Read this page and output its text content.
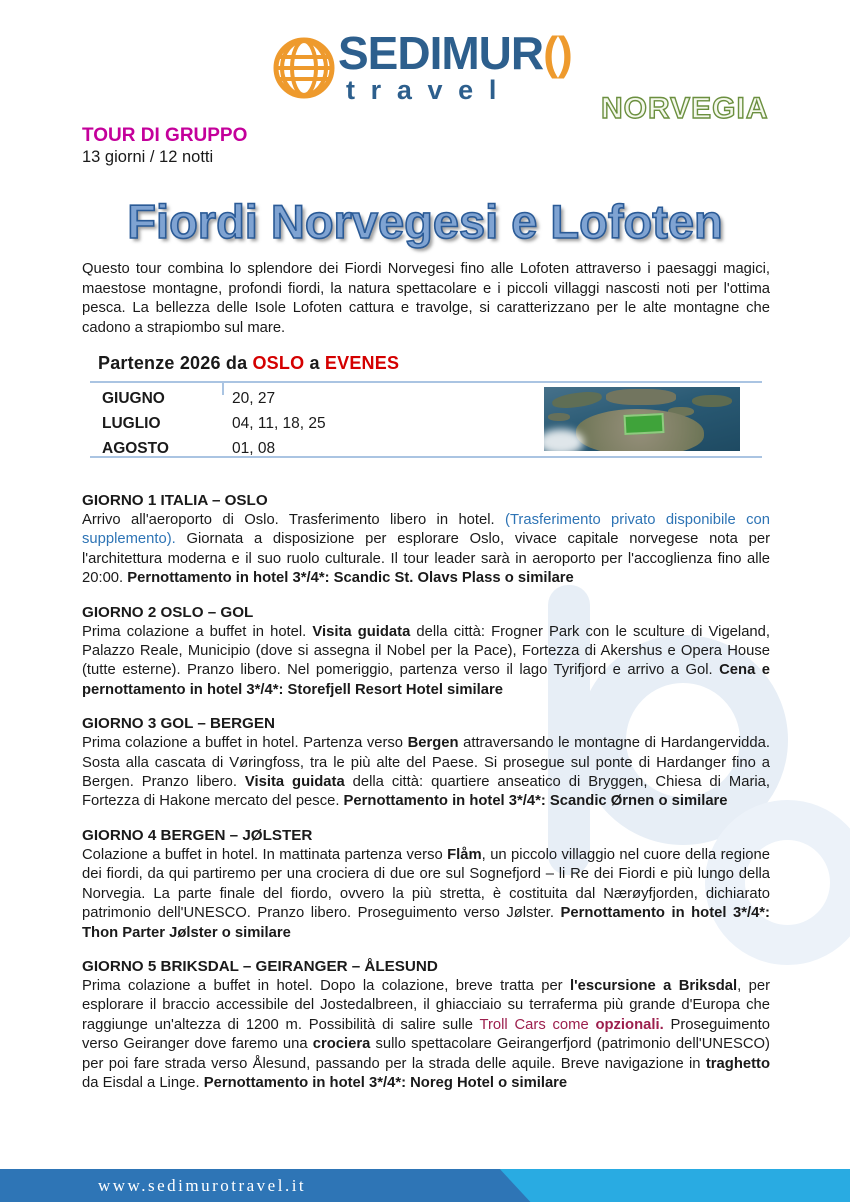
SEDIMUR()
travel
NORVEGIA
TOUR DI GRUPPO
13 giorni / 12 notti
Fiordi Norvegesi e Lofoten

Questo tour combina lo splendore dei Fiordi Norvegesi fino alle Lofoten attraverso i paesaggi magici, maestose montagne, profondi fiordi, la natura spettacolare e i piccoli villaggi nascosti noti per l'ottima pesca. La bellezza delle Isole Lofoten cattura e travolge, si caratterizzano per le alte montagne che cadono a strapiombo sul mare.

Partenze 2026 da OSLO a EVENES
GIUGNO	20, 27
LUGLIO	04, 11, 18, 25
AGOSTO	01, 08
GIORNO 1 ITALIA – OSLO

Arrivo all'aeroporto di Oslo. Trasferimento libero in hotel. (Trasferimento privato disponibile con supplemento). Giornata a disposizione per esplorare Oslo, vivace capitale norvegese nota per l'architettura moderna e il suo ruolo culturale. Il tour leader sarà in aeroporto per l'accoglienza fino alle 20:00. Pernottamento in hotel 3*/4*: Scandic St. Olavs Plass o similare

GIORNO 2 OSLO – GOL

Prima colazione a buffet in hotel. Visita guidata della città: Frogner Park con le sculture di Vigeland, Palazzo Reale, Municipio (dove si assegna il Nobel per la Pace), Fortezza di Akershus e Opera House (tutte esterne). Pranzo libero. Nel pomeriggio, partenza verso il lago Tyrifjord e arrivo a Gol. Cena e pernottamento in hotel 3*/4*: Storefjell Resort Hotel similare

GIORNO 3 GOL – BERGEN

Prima colazione a buffet in hotel. Partenza verso Bergen attraversando le montagne di Hardangervidda. Sosta alla cascata di Vøringfoss, tra le più alte del Paese. Si prosegue sul ponte di Hardanger fino a Bergen. Pranzo libero. Visita guidata della città: quartiere anseatico di Bryggen, Chiesa di Maria, Fortezza di Hakone mercato del pesce. Pernottamento in hotel 3*/4*: Scandic Ørnen o similare

GIORNO 4 BERGEN – JØLSTER

Colazione a buffet in hotel. In mattinata partenza verso Flåm, un piccolo villaggio nel cuore della regione dei fiordi, da qui partiremo per una crociera di due ore sul Sognefjord – li Re dei Fiordi e più lungo della Norvegia. La parte finale del fiordo, ovvero la più stretta, è costituita dal Nærøyfjorden, dichiarato patrimonio dell'UNESCO. Pranzo libero. Proseguimento verso Jølster. Pernottamento in hotel 3*/4*: Thon Parter Jølster o similare

GIORNO 5 BRIKSDAL – GEIRANGER – ÅLESUND

Prima colazione a buffet in hotel. Dopo la colazione, breve tratta per l'escursione a Briksdal, per esplorare il braccio accessibile del Jostedalbreen, il ghiacciaio su terraferma più grande d'Europa che raggiunge un'altezza di 1200 m. Possibilità di salire sulle Troll Cars come opzionali. Proseguimento verso Geiranger dove faremo una crociera sullo spettacolare Geirangerfjord (patrimonio dell'UNESCO) per poi fare strada verso Ålesund, passando per la strada delle aquile. Breve navigazione in traghetto da Eisdal a Linge. Pernottamento in hotel 3*/4*: Noreg Hotel o similare

www.sedimurotravel.it
